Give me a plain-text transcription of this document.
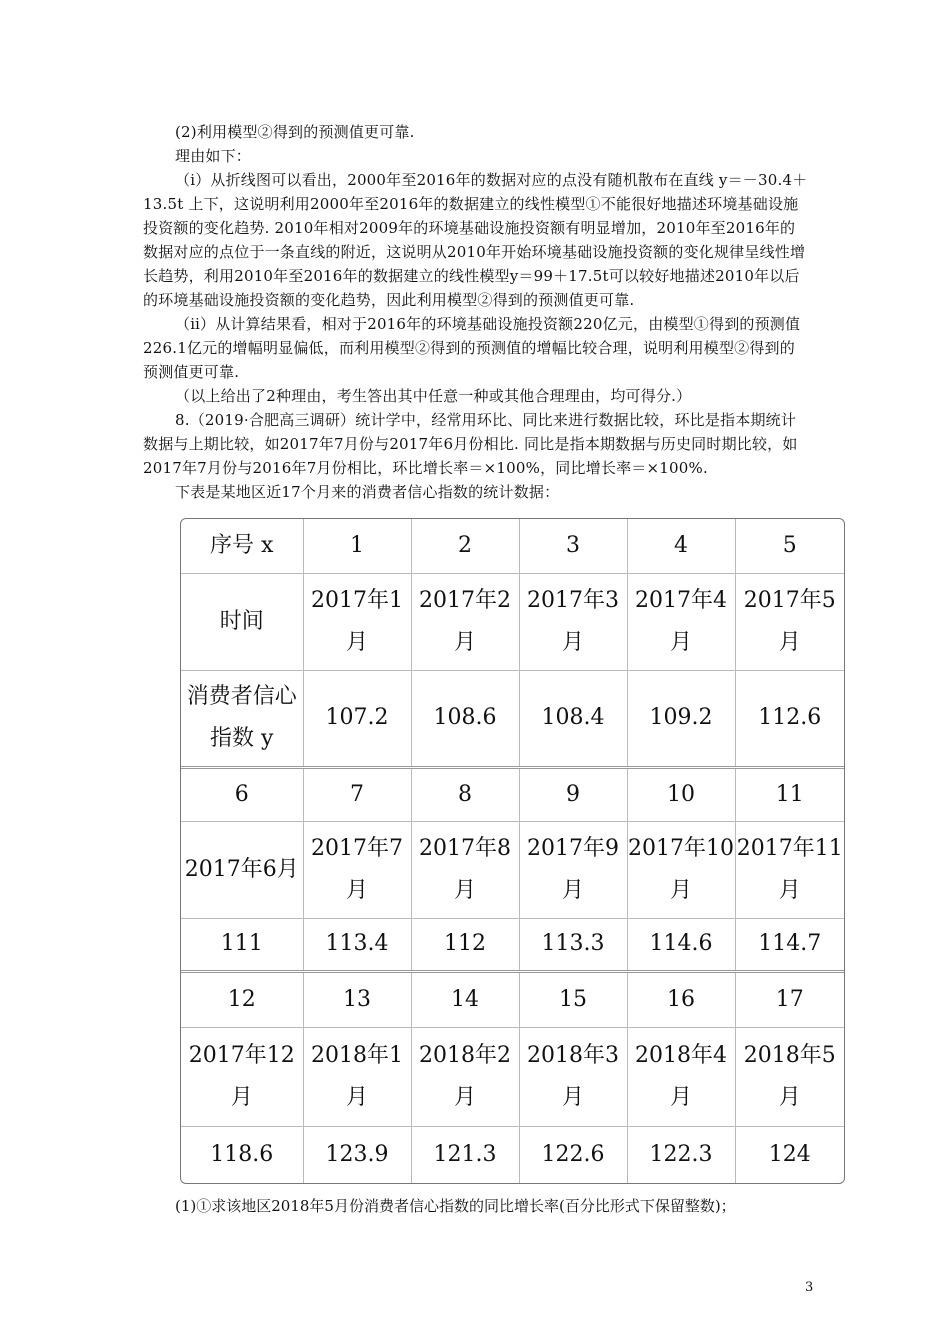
(2)利用模型②得到的预测值更可靠.

理由如下：

（ⅰ）从折线图可以看出，2000年至2016年的数据对应的点没有随机散布在直线 y＝－30.4＋13.5t 上下，这说明利用2000年至2016年的数据建立的线性模型①不能很好地描述环境基础设施投资额的变化趋势. 2010年相对2009年的环境基础设施投资额有明显增加，2010年至2016年的数据对应的点位于一条直线的附近，这说明从2010年开始环境基础设施投资额的变化规律呈线性增长趋势，利用2010年至2016年的数据建立的线性模型y＝99＋17.5t可以较好地描述2010年以后的环境基础设施投资额的变化趋势，因此利用模型②得到的预测值更可靠.

（ⅱ）从计算结果看，相对于2016年的环境基础设施投资额220亿元，由模型①得到的预测值226.1亿元的增幅明显偏低，而利用模型②得到的预测值的增幅比较合理，说明利用模型②得到的预测值更可靠.

（以上给出了2种理由，考生答出其中任意一种或其他合理理由，均可得分.）

8.（2019·合肥高三调研）统计学中，经常用环比、同比来进行数据比较，环比是指本期统计数据与上期比较，如2017年7月份与2017年6月份相比. 同比是指本期数据与历史同时期比较，如2017年7月份与2016年7月份相比，环比增长率＝×100%，同比增长率＝×100%.

下表是某地区近17个月来的消费者信心指数的统计数据：

序号 x	1	2	3	4	5
时间	2017年1月	2017年2月	2017年3月	2017年4月	2017年5月
消费者信心指数 y	107.2	108.6	108.4	109.2	112.6
6	7	8	9	10	11
2017年6月	2017年7月	2017年8月	2017年9月	2017年10月	2017年11月
111	113.4	112	113.3	114.6	114.7
12	13	14	15	16	17
2017年12月	2018年1月	2018年2月	2018年3月	2018年4月	2018年5月
118.6	123.9	121.3	122.6	122.3	124
(1)①求该地区2018年5月份消费者信心指数的同比增长率(百分比形式下保留整数)；
3
